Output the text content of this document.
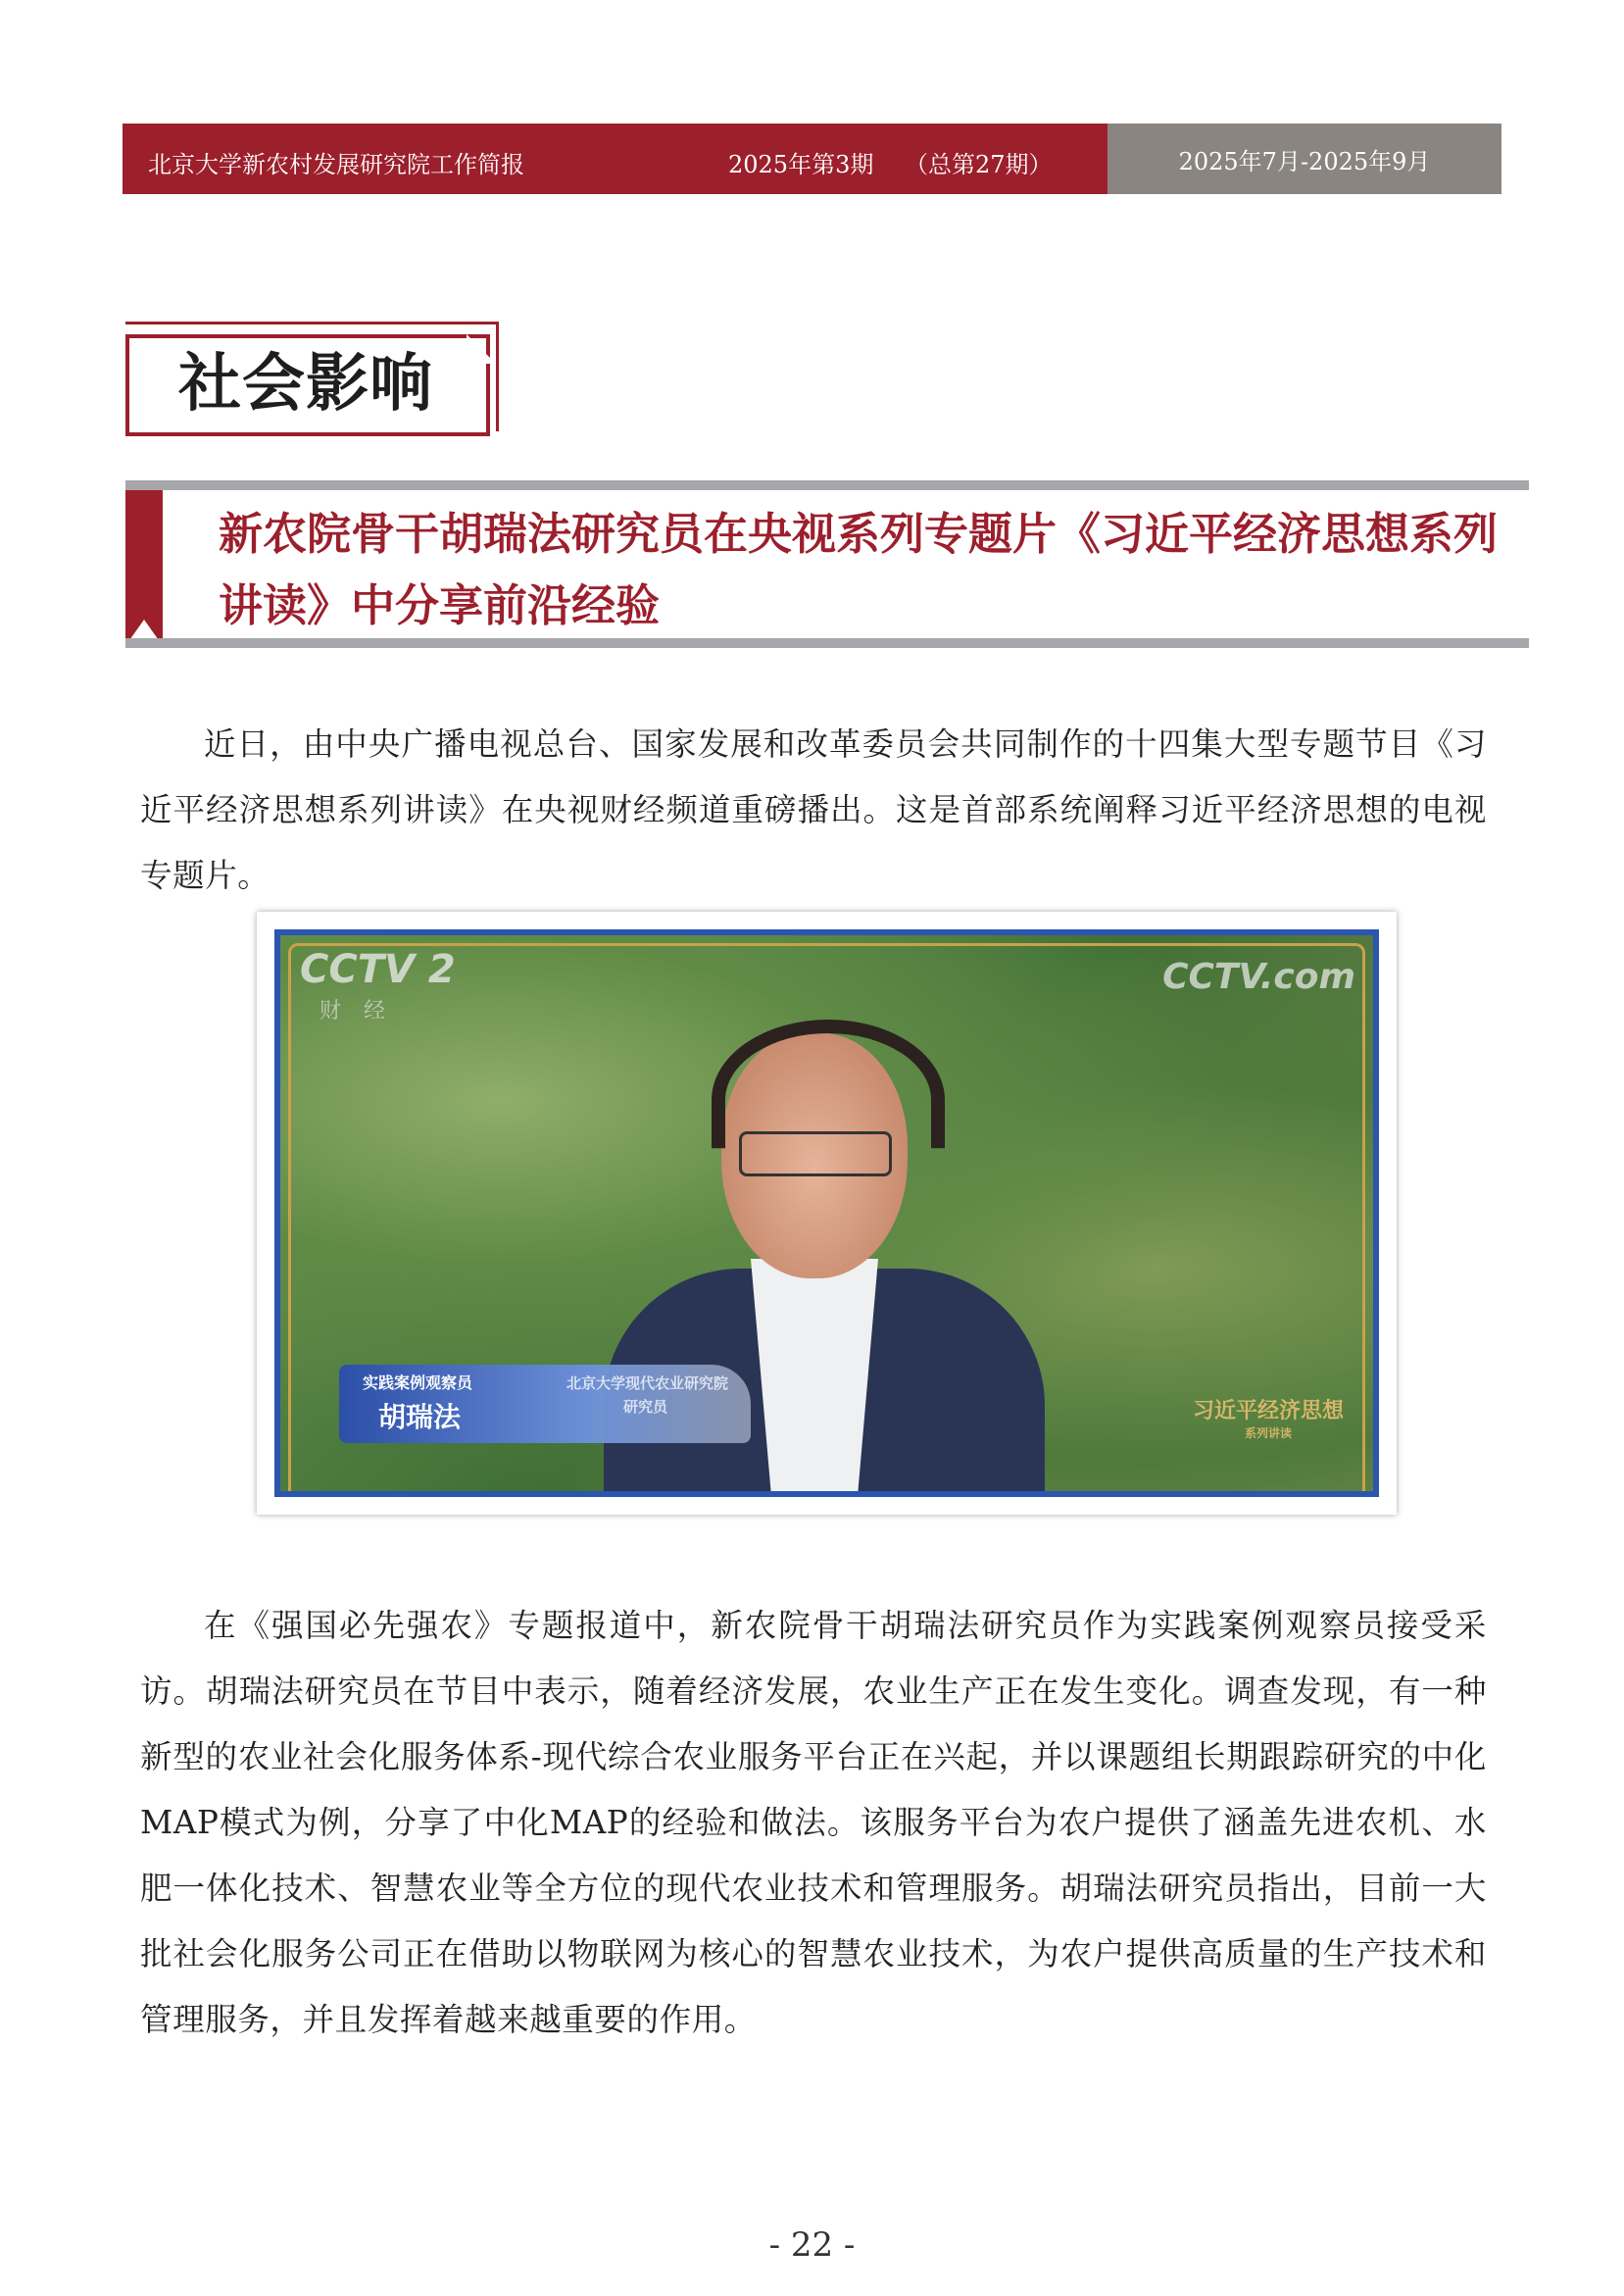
北京大学新农村发展研究院工作简报	2025年第3期　 （总第27期）	2025年7月-2025年9月
社会影响
新农院骨干胡瑞法研究员在央视系列专题片《习近平经济思想系列讲读》中分享前沿经验

近日，由中央广播电视总台、国家发展和改革委员会共同制作的十四集大型专题节目《习近平经济思想系列讲读》在央视财经频道重磅播出。这是首部系统阐释习近平经济思想的电视专题片。

CCTV 2
财 经
CCTV.com
实践案例观察员
胡瑞法
北京大学现代农业研究院
研究员	习近平经济思想
系列讲读

在《强国必先强农》专题报道中，新农院骨干胡瑞法研究员作为实践案例观察员接受采访。胡瑞法研究员在节目中表示，随着经济发展，农业生产正在发生变化。调查发现，有一种新型的农业社会化服务体系-现代综合农业服务平台正在兴起，并以课题组长期跟踪研究的中化MAP模式为例，分享了中化MAP的经验和做法。该服务平台为农户提供了涵盖先进农机、水肥一体化技术、智慧农业等全方位的现代农业技术和管理服务。胡瑞法研究员指出，目前一大批社会化服务公司正在借助以物联网为核心的智慧农业技术，为农户提供高质量的生产技术和管理服务，并且发挥着越来越重要的作用。

- 22 -
